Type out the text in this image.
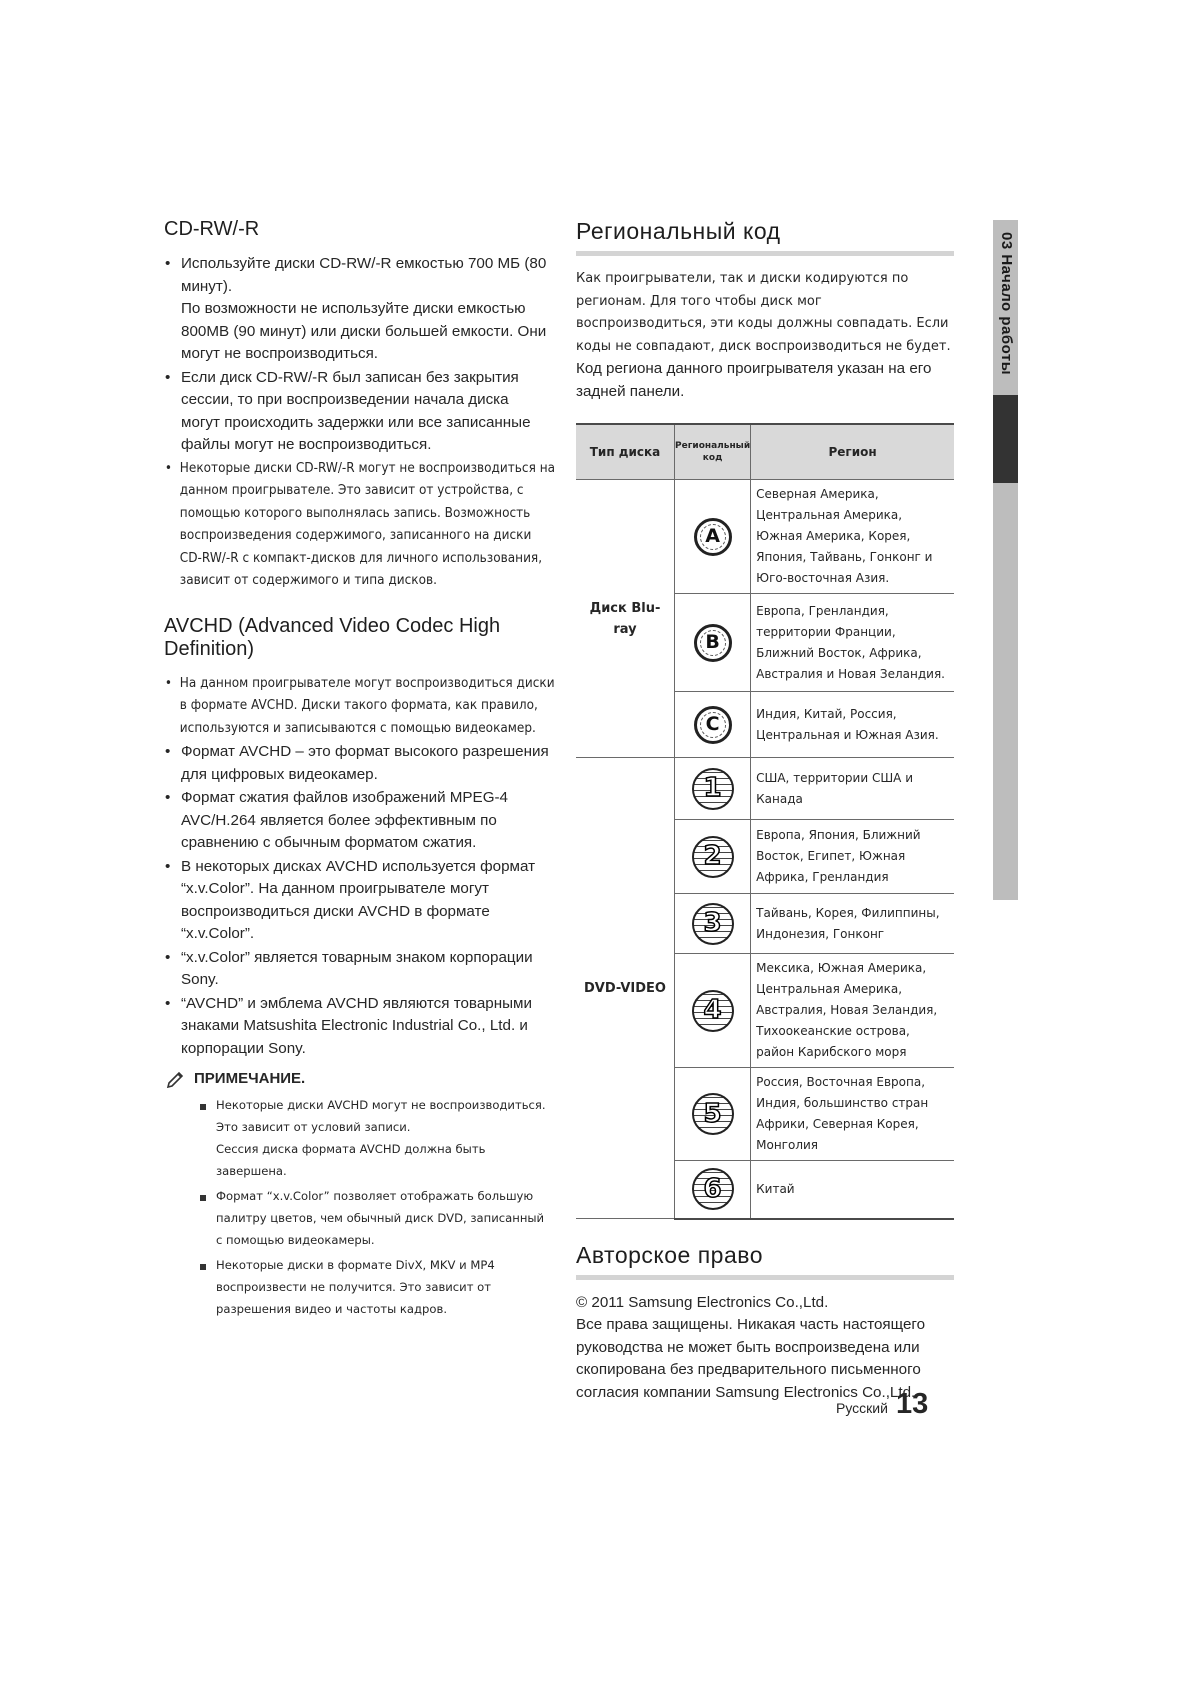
03 Начало работы
CD-RW/-R
• Используйте диски CD-RW/-R емкостью 700 МБ (80 минут).
По возможности не используйте диски емкостью 800MB (90 минут) или диски большей емкости. Они могут не воспроизводиться.
• Если диск CD-RW/-R был записан без закрытия сессии, то при воспроизведении начала диска могут происходить задержки или все записанные файлы могут не воспроизводиться.
• Некоторые диски CD-RW/-R могут не воспроизводиться на данном проигрывателе. Это зависит от устройства, с помощью которого выполнялась запись. Возможность воспроизведения содержимого, записанного на диски CD-RW/-R с компакт-дисков для личного использования, зависит от содержимого и типа дисков.
AVCHD (Advanced Video Codec High Definition)
• На данном проигрывателе могут воспроизводиться диски в формате AVCHD. Диски такого формата, как правило, используются и записываются с помощью видеокамер.
• Формат AVCHD – это формат высокого разрешения для цифровых видеокамер.
• Формат сжатия файлов изображений MPEG-4 AVC/H.264 является более эффективным по сравнению с обычным форматом сжатия.
• В некоторых дисках AVCHD используется формат “x.v.Color”. На данном проигрывателе могут воспроизводиться диски AVCHD в формате “x.v.Color”.
• “x.v.Color” является товарным знаком корпорации Sony.
• “AVCHD” и эмблема AVCHD являются товарными знаками Matsushita Electronic Industrial Co., Ltd. и корпорации Sony.
ПРИМЕЧАНИЕ.
Некоторые диски AVCHD могут не воспроизводиться. Это зависит от условий записи.
Сессия диска формата AVCHD должна быть завершена.
Формат “x.v.Color” позволяет отображать большую палитру цветов, чем обычный диск DVD, записанный с помощью видеокамеры.
Некоторые диски в формате DivX, MKV и MP4 воспроизвести не получится. Это зависит от разрешения видео и частоты кадров.
Региональный код

Как проигрыватели, так и диски кодируются по регионам. Для того чтобы диск мог воспроизводиться, эти коды должны совпадать. Если коды не совпадают, диск воспроизводиться не будет.

Код региона данного проигрывателя указан на его задней панели.

Тип диска	Региональный код	Регион
Диск Blu-ray	A	Северная Америка, Центральная Америка, Южная Америка, Корея, Япония, Тайвань, Гонконг и Юго-восточная Азия.
	B	Европа, Гренландия, территории Франции, Ближний Восток, Африка, Австралия и Новая Зеландия.
	C	Индия, Китай, Россия, Центральная и Южная Азия.
DVD-VIDEO	1	США, территории США и Канада

	2	Европа, Япония, Ближний Восток, Египет, Южная Африка, Гренландия

	3	Тайвань, Корея, Филиппины, Индонезия, Гонконг

	4	Мексика, Южная Америка, Центральная Америка, Австралия, Новая Зеландия, Тихоокеанские острова, район Карибского моря

	5	Россия, Восточная Европа, Индия, большинство стран Африки, Северная Корея, Монголия

	6	Китай
Авторское право

© 2011 Samsung Electronics Co.,Ltd.

Все права защищены. Никакая часть настоящего руководства не может быть воспроизведена или скопирована без предварительного письменного согласия компании Samsung Electronics Co.,Ltd.

Русский 13
